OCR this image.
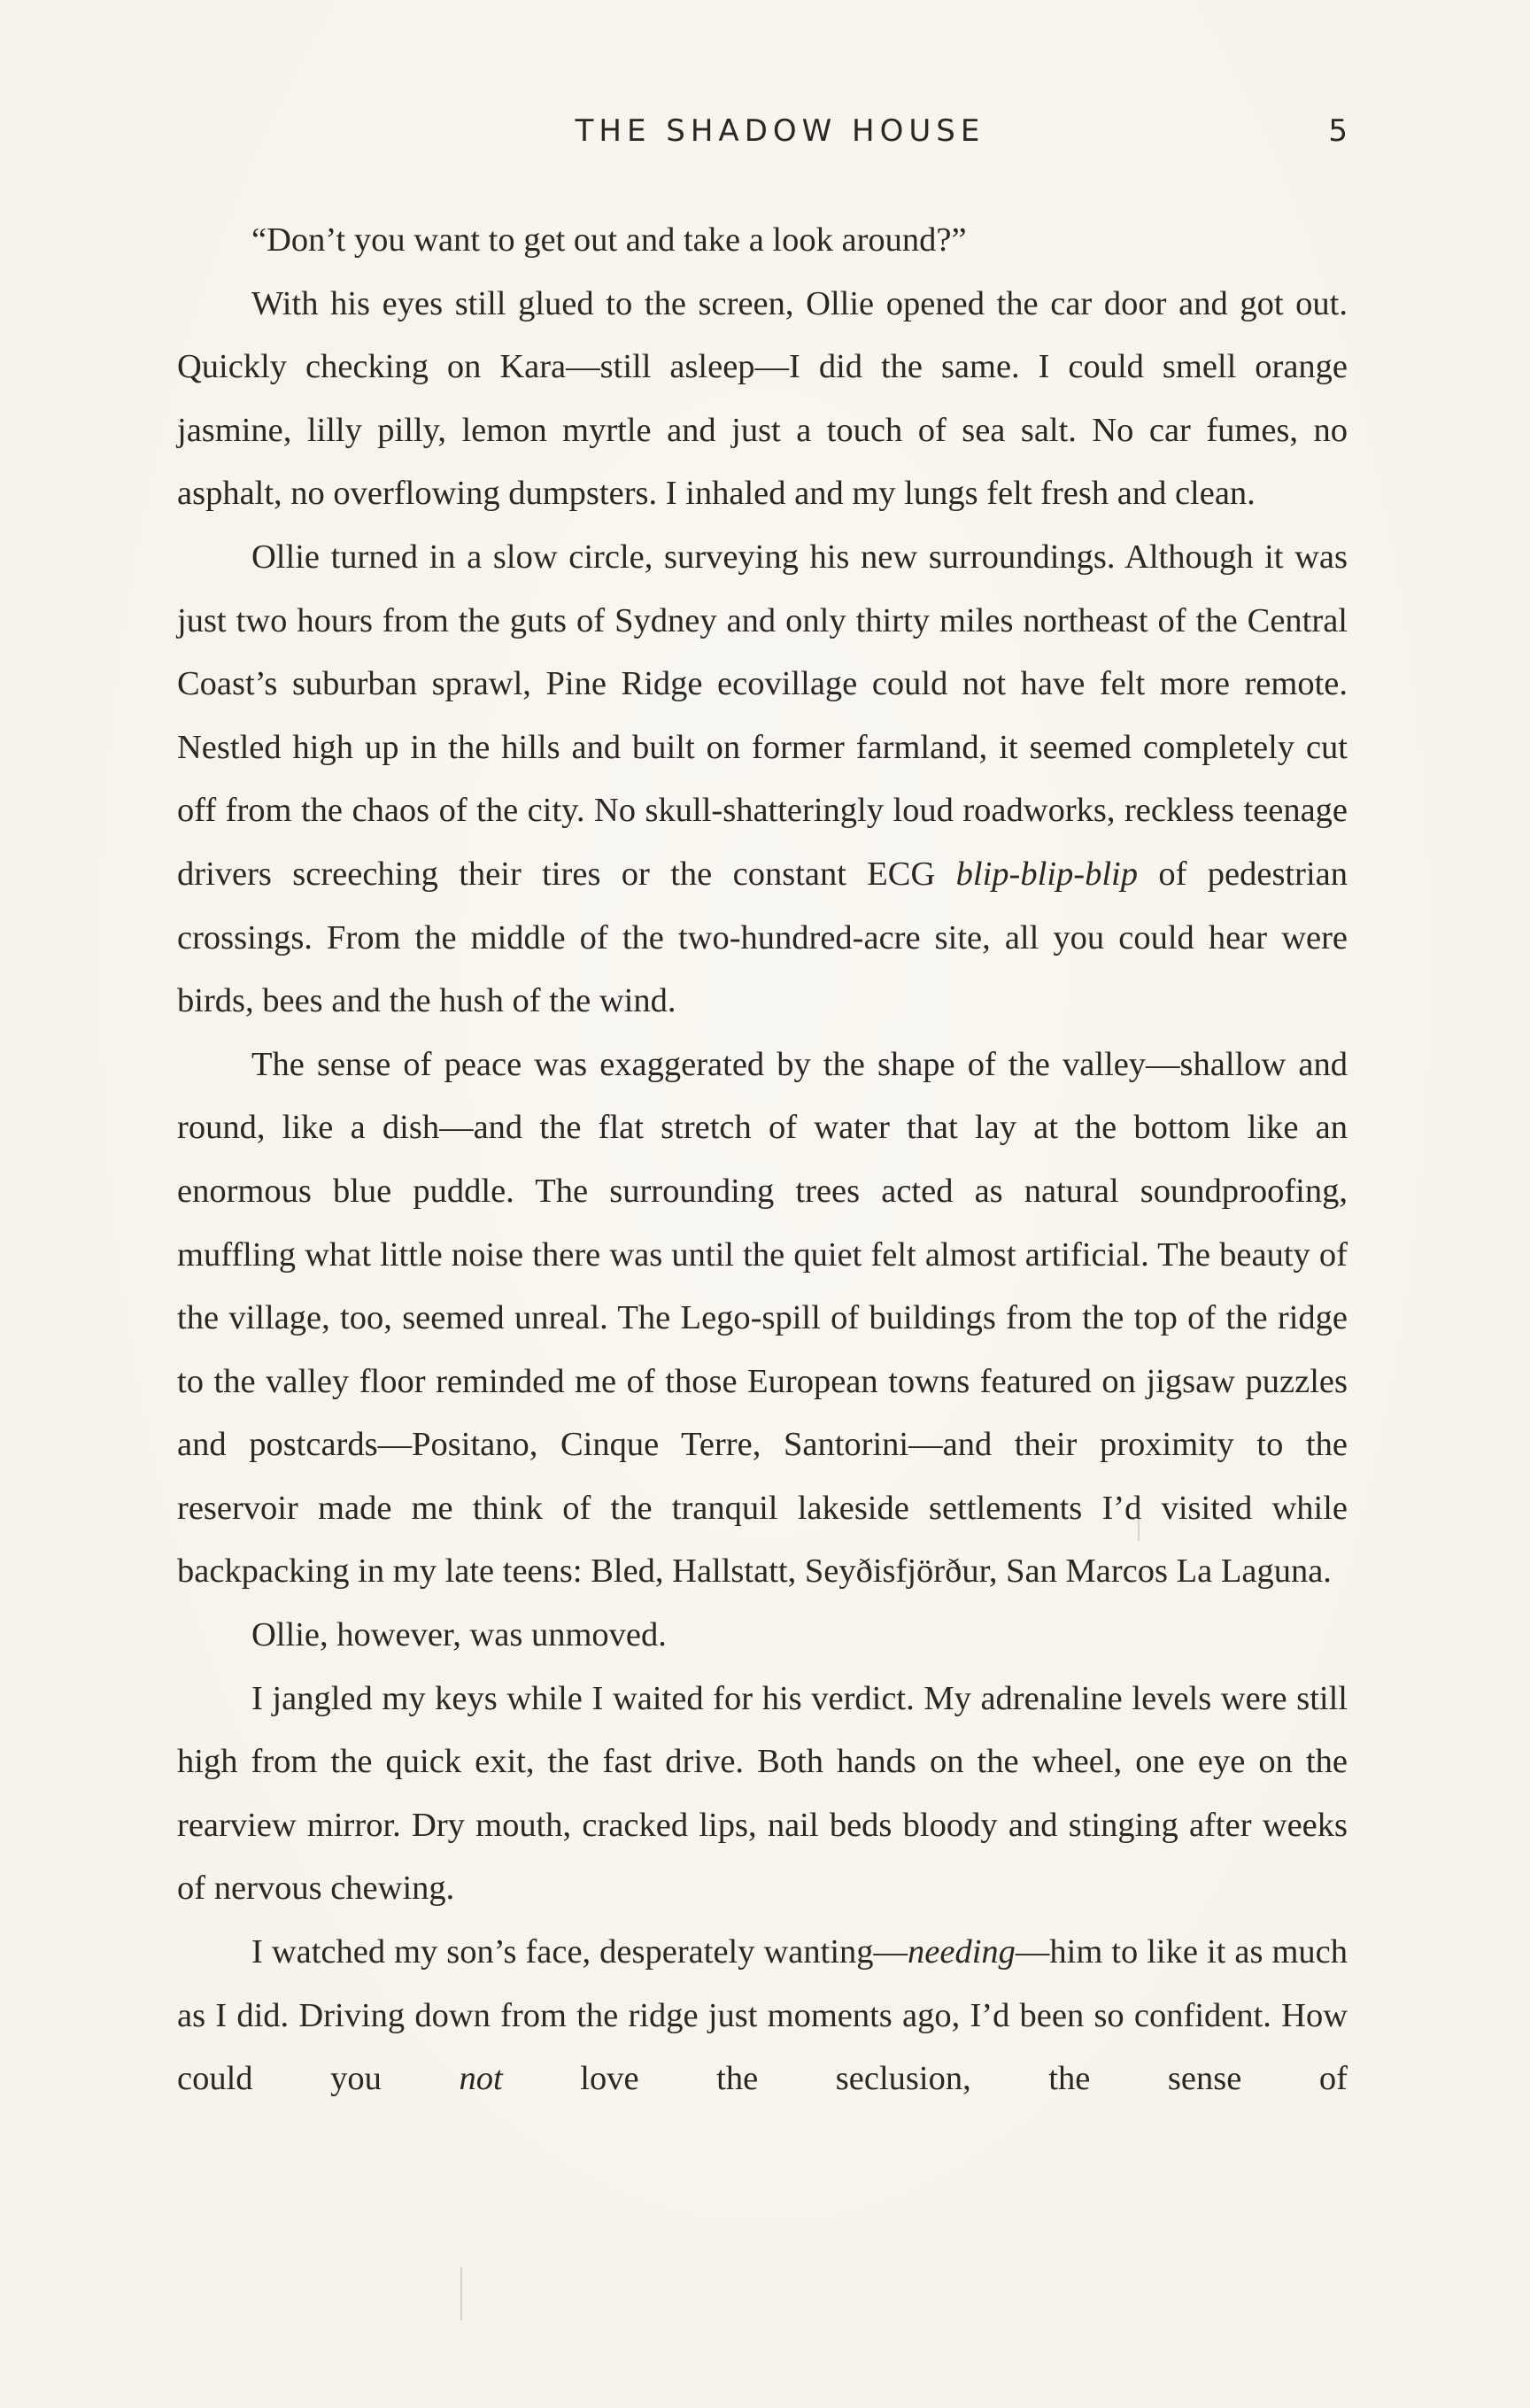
THE SHADOW HOUSE	5

“Don’t you want to get out and take a look around?”

With his eyes still glued to the screen, Ollie opened the car door and got out. Quickly checking on Kara—still asleep—I did the same. I could smell orange jasmine, lilly pilly, lemon myrtle and just a touch of sea salt. No car fumes, no asphalt, no overflowing dumpsters. I inhaled and my lungs felt fresh and clean.

Ollie turned in a slow circle, surveying his new surroundings. Although it was just two hours from the guts of Sydney and only thirty miles northeast of the Central Coast’s suburban sprawl, Pine Ridge ecovillage could not have felt more remote. Nestled high up in the hills and built on former farmland, it seemed completely cut off from the chaos of the city. No skull-shatteringly loud roadworks, reckless teenage drivers screeching their tires or the constant ECG blip-blip-blip of pedestrian crossings. From the middle of the two-hundred-acre site, all you could hear were birds, bees and the hush of the wind.

The sense of peace was exaggerated by the shape of the valley—shallow and round, like a dish—and the flat stretch of water that lay at the bottom like an enormous blue puddle. The surrounding trees acted as natural soundproofing, muffling what little noise there was until the quiet felt almost artificial. The beauty of the village, too, seemed unreal. The Lego-spill of buildings from the top of the ridge to the valley floor reminded me of those European towns featured on jigsaw puzzles and postcards—Positano, Cinque Terre, Santorini—and their proximity to the reservoir made me think of the tranquil lakeside settlements I’d visited while backpacking in my late teens: Bled, Hallstatt, Seyðisfjörður, San Marcos La Laguna.

Ollie, however, was unmoved.

I jangled my keys while I waited for his verdict. My adrenaline levels were still high from the quick exit, the fast drive. Both hands on the wheel, one eye on the rearview mirror. Dry mouth, cracked lips, nail beds bloody and stinging after weeks of nervous chewing.

I watched my son’s face, desperately wanting—needing—him to like it as much as I did. Driving down from the ridge just moments ago, I’d been so confident. How could you not love the seclusion, the sense of
